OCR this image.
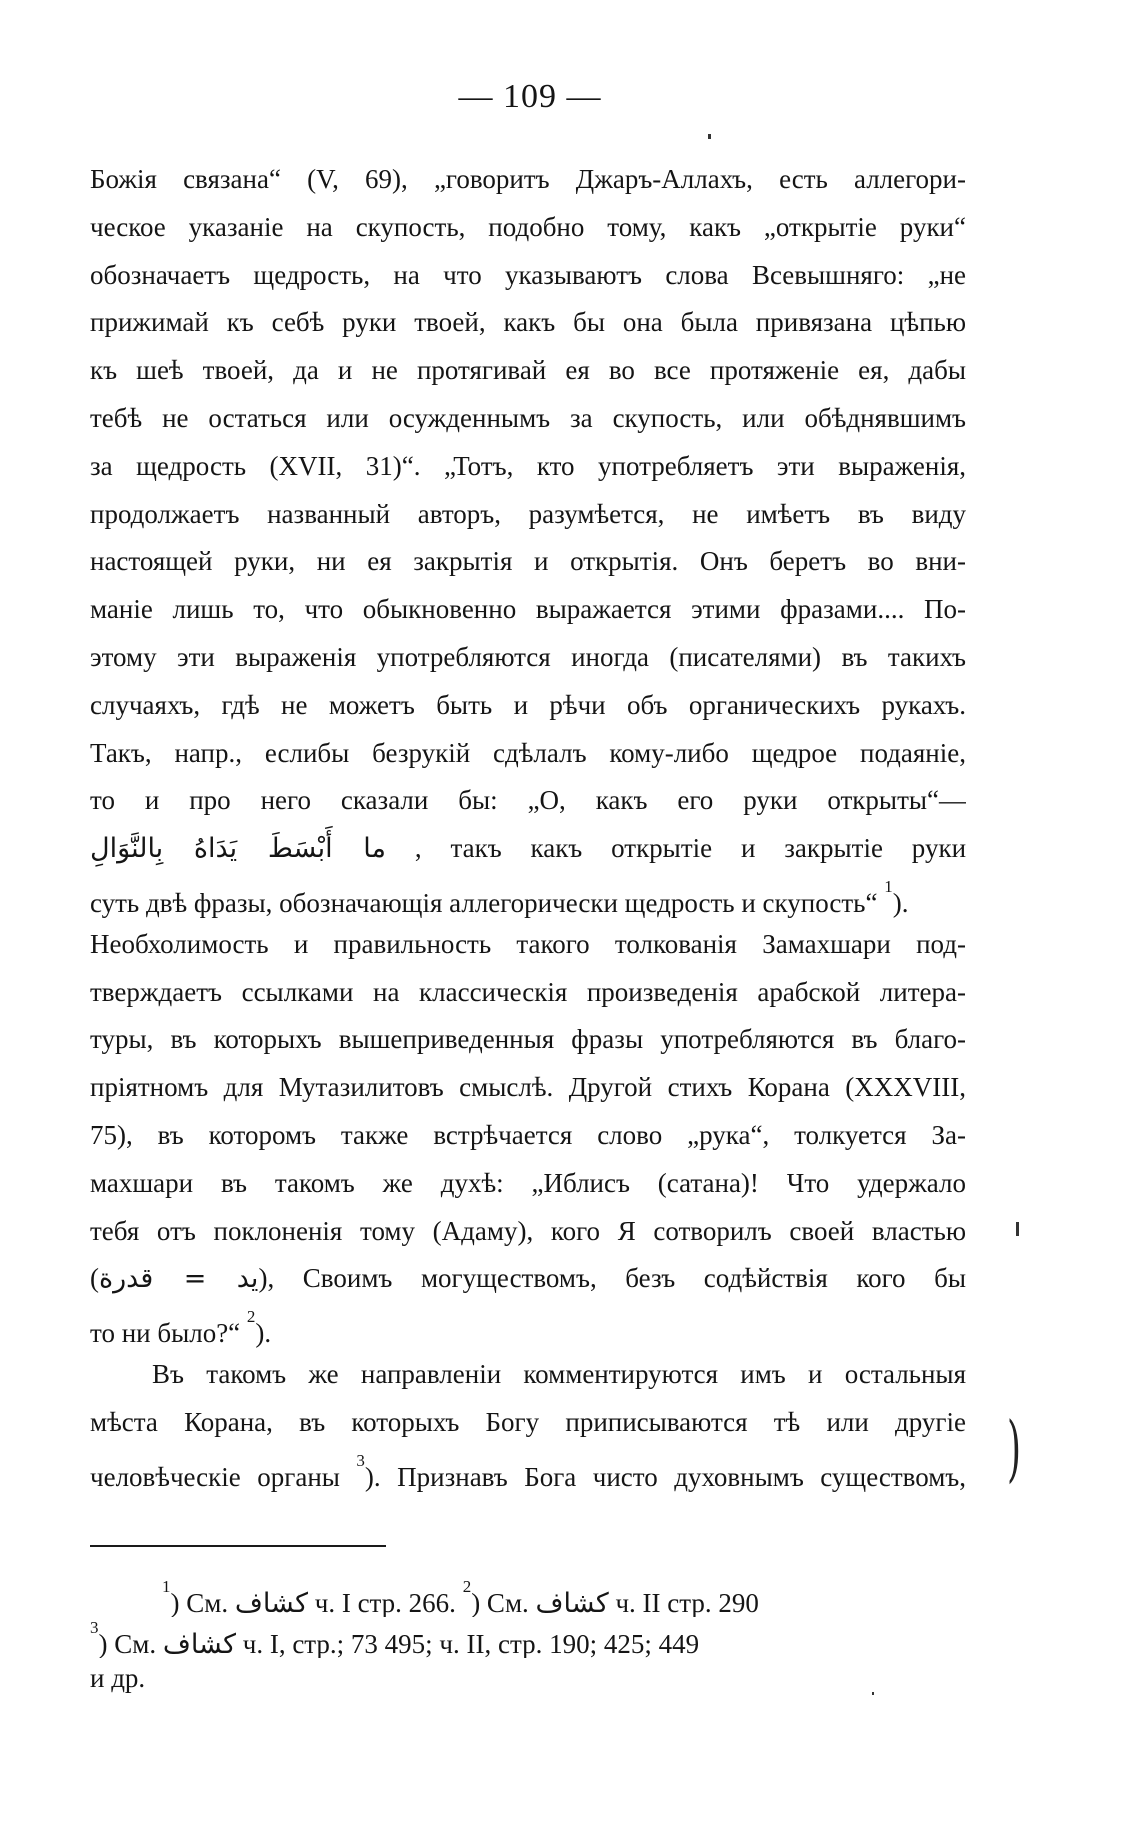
— 109 —
Божія связана“ (V, 69), „говоритъ Джаръ-Аллахъ, есть аллегори-
ческое указаніе на скупость, подобно тому, какъ „открытіе руки“
обозначаетъ щедрость, на что указываютъ слова Всевышняго: „не
прижимай къ себѣ руки твоей, какъ бы она была привязана цѣпью
къ шеѣ твоей, да и не протягивай ея во все протяженіе ея, дабы
тебѣ не остаться или осужденнымъ за скупость, или обѣднявшимъ
за щедрость (XVII, 31)“. „Тотъ, кто употребляетъ эти выраженія,
продолжаетъ названный авторъ, разумѣется, не имѣетъ въ виду
настоящей руки, ни ея закрытія и открытія. Онъ беретъ во вни-
маніе лишь то, что обыкновенно выражается этими фразами.... По-
этому эти выраженія употребляются иногда (писателями) въ такихъ
случаяхъ, гдѣ не можетъ быть и рѣчи объ органическихъ рукахъ.
Такъ, напр., еслибы безрукій сдѣлалъ кому-либо щедрое подаяніе,
то и про него сказали бы: „О, какъ его руки открыты“—
ما أَبْسَطَ يَدَاهُ بِالنَّوَالِ , такъ какъ открытіе и закрытіе руки
суть двѣ фразы, обозначающія аллегорически щедрость и скупость“ $^1$).
Необхолимость и правильность такого толкованія Замахшари под-
тверждаетъ ссылками на классическія произведенія арабской литера-
туры, въ которыхъ вышеприведенныя фразы употребляются въ благо-
пріятномъ для Мутазилитовъ смыслѣ. Другой стихъ Корана (XXXVIII,
75), въ которомъ также встрѣчается слово „рука“, толкуется За-
махшари въ такомъ же духѣ: „Иблисъ (сатана)! Что удержало
тебя отъ поклоненія тому (Адаму), кого Я сотворилъ своей властью
(يد = قدرة), Своимъ могуществомъ, безъ содѣйствія кого бы
то ни было?“ $^2$).
Въ такомъ же направленіи комментируются имъ и остальныя
мѣста Корана, въ которыхъ Богу приписываются тѣ или другіе
человѣческіе органы $^3$). Признавъ Бога чисто духовнымъ существомъ,
$^1$) См. كشاف ч. I стр. 266. $^2$) См. كشاف ч. II стр. 290
$^3$) См. كشاف ч. I, стр.; 73 495; ч. II, стр. 190; 425; 449
и др.
)
